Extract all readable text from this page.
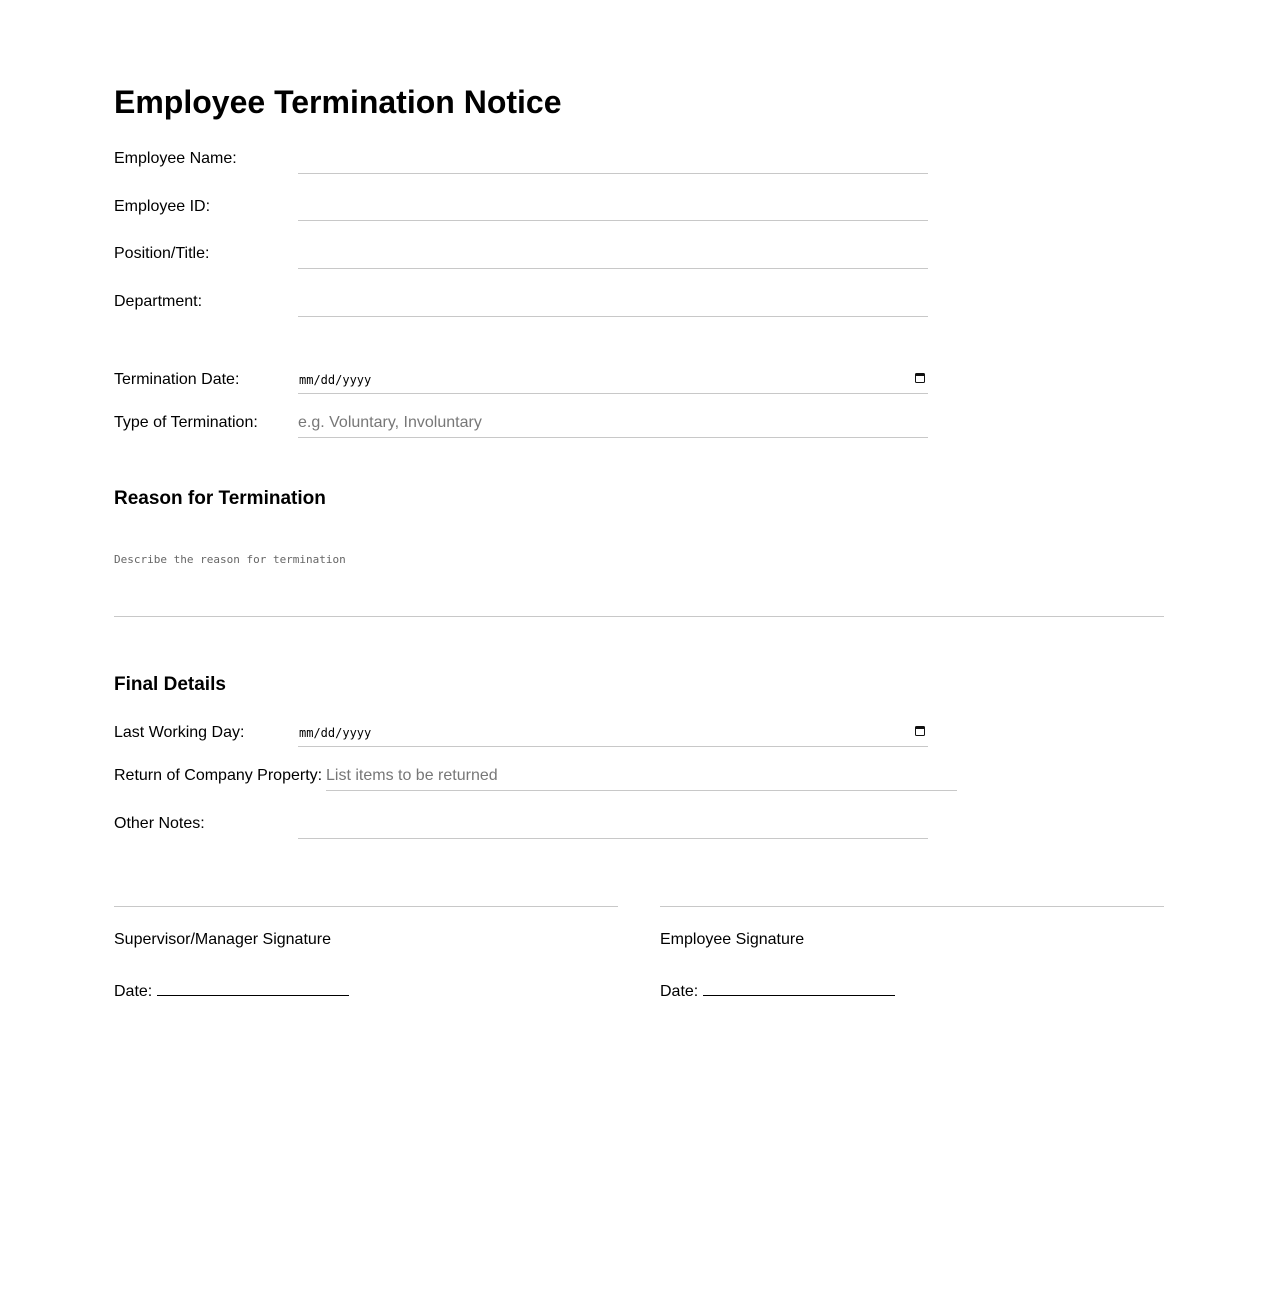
Employee Termination Notice
Employee Name:
Employee ID:
Position/Title:
Department:
Termination Date:	mm/dd/yyyy
Type of Termination:
e.g. Voluntary, Involuntary
Reason for Termination
Describe the reason for termination
Final Details
Last Working Day:	mm/dd/yyyy
Return of Company Property:
List items to be returned
Other Notes:
Supervisor/Manager Signature
Date:
Employee Signature
Date:
